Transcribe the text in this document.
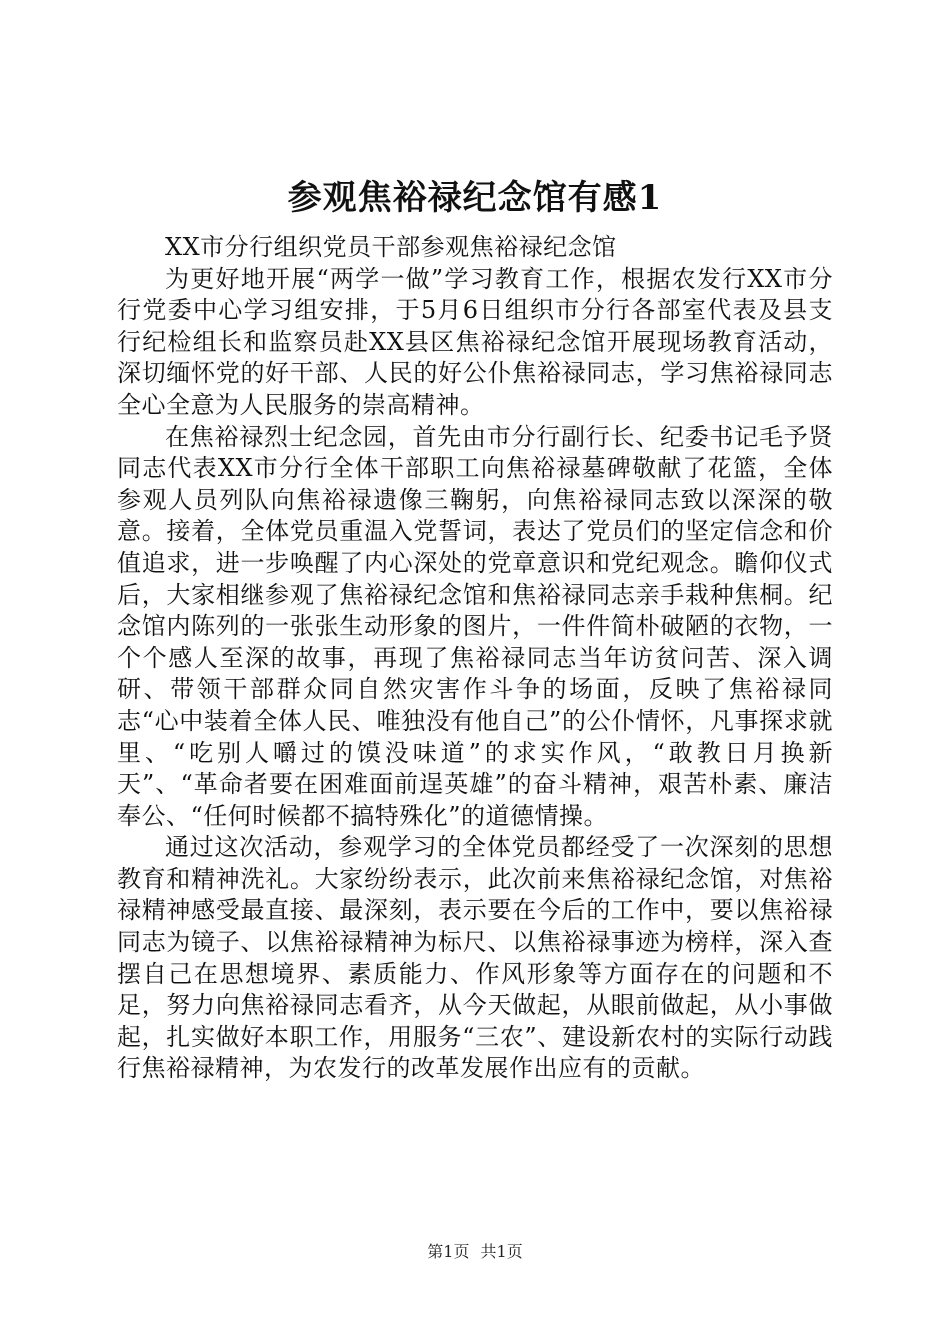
参观焦裕禄纪念馆有感1

XX市分行组织党员干部参观焦裕禄纪念馆

为更好地开展“两学一做”学习教育工作，根据农发行XX市分行党委中心学习组安排，于5月6日组织市分行各部室代表及县支行纪检组长和监察员赴XX县区焦裕禄纪念馆开展现场教育活动，深切缅怀党的好干部、人民的好公仆焦裕禄同志，学习焦裕禄同志全心全意为人民服务的崇高精神。

在焦裕禄烈士纪念园，首先由市分行副行长、纪委书记毛予贤同志代表XX市分行全体干部职工向焦裕禄墓碑敬献了花篮，全体参观人员列队向焦裕禄遗像三鞠躬，向焦裕禄同志致以深深的敬意。接着，全体党员重温入党誓词，表达了党员们的坚定信念和价值追求，进一步唤醒了内心深处的党章意识和党纪观念。瞻仰仪式后，大家相继参观了焦裕禄纪念馆和焦裕禄同志亲手栽种焦桐。纪念馆内陈列的一张张生动形象的图片，一件件简朴破陋的衣物，一个个感人至深的故事，再现了焦裕禄同志当年访贫问苦、深入调研、带领干部群众同自然灾害作斗争的场面，反映了焦裕禄同志“心中装着全体人民、唯独没有他自己”的公仆情怀，凡事探求就里、“吃别人嚼过的馍没味道”的求实作风，“敢教日月换新天”、“革命者要在困难面前逞英雄”的奋斗精神，艰苦朴素、廉洁奉公、“任何时候都不搞特殊化”的道德情操。

通过这次活动，参观学习的全体党员都经受了一次深刻的思想教育和精神洗礼。大家纷纷表示，此次前来焦裕禄纪念馆，对焦裕禄精神感受最直接、最深刻，表示要在今后的工作中，要以焦裕禄同志为镜子、以焦裕禄精神为标尺、以焦裕禄事迹为榜样，深入查摆自己在思想境界、素质能力、作风形象等方面存在的问题和不足，努力向焦裕禄同志看齐，从今天做起，从眼前做起，从小事做起，扎实做好本职工作，用服务“三农”、建设新农村的实际行动践行焦裕禄精神，为农发行的改革发展作出应有的贡献。

第1页 共1页
